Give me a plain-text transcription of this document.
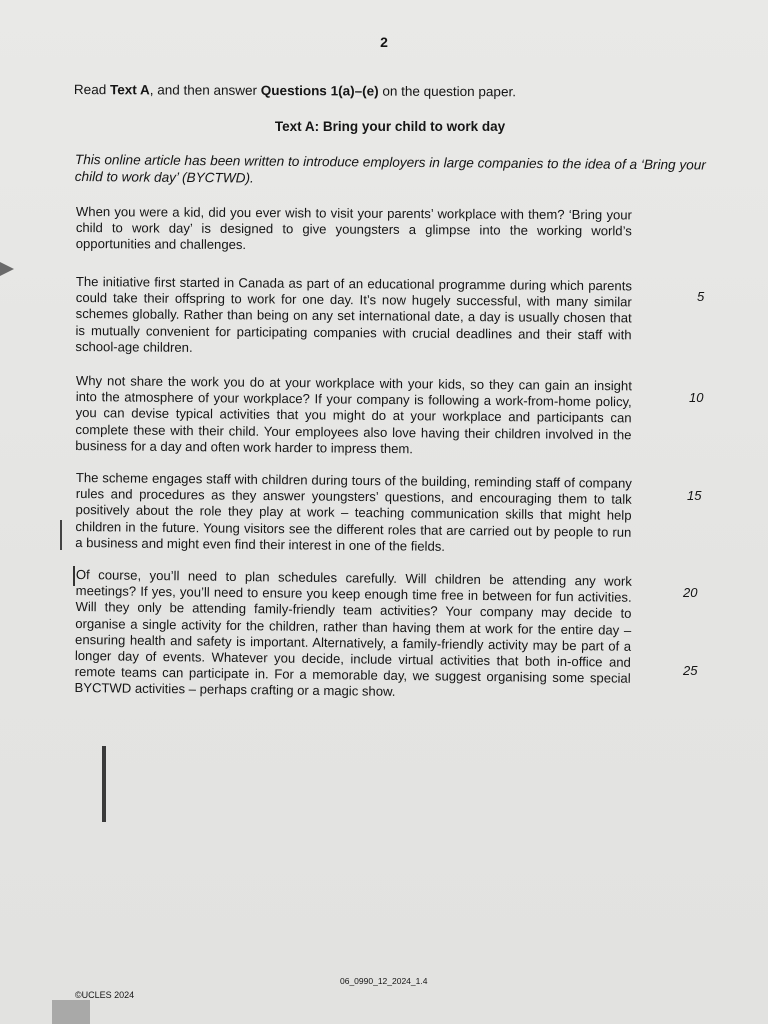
2
Read Text A, and then answer Questions 1(a)–(e) on the question paper.
Text A: Bring your child to work day
This online article has been written to introduce employers in large companies to the idea of a ‘Bring your child to work day’ (BYCTWD).
When you were a kid, did you ever wish to visit your parents’ workplace with them? ‘Bring your child to work day’ is designed to give youngsters a glimpse into the working world’s opportunities and challenges.
The initiative first started in Canada as part of an educational programme during which parents could take their offspring to work for one day. It’s now hugely successful, with many similar schemes globally. Rather than being on any set international date, a day is usually chosen that is mutually convenient for participating companies with crucial deadlines and their staff with school-age children.
Why not share the work you do at your workplace with your kids, so they can gain an insight into the atmosphere of your workplace? If your company is following a work-from-home policy, you can devise typical activities that you might do at your workplace and participants can complete these with their child. Your employees also love having their children involved in the business for a day and often work harder to impress them.
The scheme engages staff with children during tours of the building, reminding staff of company rules and procedures as they answer youngsters’ questions, and encouraging them to talk positively about the role they play at work – teaching communication skills that might help children in the future. Young visitors see the different roles that are carried out by people to run a business and might even find their interest in one of the fields.
Of course, you’ll need to plan schedules carefully. Will children be attending any work meetings? If yes, you’ll need to ensure you keep enough time free in between for fun activities. Will they only be attending family-friendly team activities? Your company may decide to organise a single activity for the children, rather than having them at work for the entire day – ensuring health and safety is important. Alternatively, a family-friendly activity may be part of a longer day of events. Whatever you decide, include virtual activities that both in-office and remote teams can participate in. For a memorable day, we suggest organising some special BYCTWD activities – perhaps crafting or a magic show.
5
10
15
20
25
06_0990_12_2024_1.4
©UCLES 2024
